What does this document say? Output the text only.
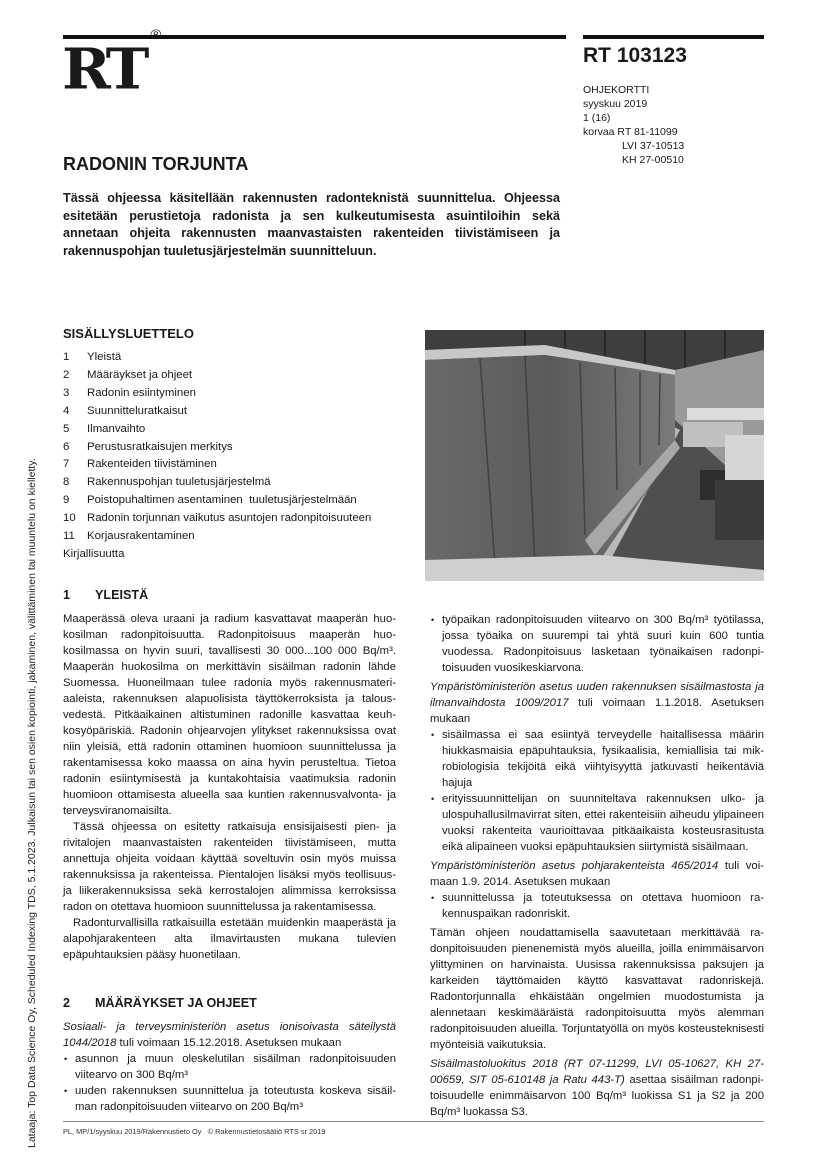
RT®
RT 103123
OHJEKORTTI
syyskuu 2019
1 (16)
korvaa RT 81-11099
LVI 37-10513
KH 27-00510
RADONIN TORJUNTA
Tässä ohjeessa käsitellään rakennusten radonteknistä suunnittelua. Ohjeessa esitetään perustietoja radonista ja sen kulkeutumisesta asuintiloihin sekä annetaan ohjeita rakennusten maanvastaisten rakenteiden tiivistämiseen ja rakennuspohjan tuuletusjärjestelmän suunnitteluun.
SISÄLLYSLUETTELO
1	Yleistä
2	Määräykset ja ohjeet
3	Radonin esiintyminen
4	Suunnitteluratkaisut
5	Ilmanvaihto
6	Perustusratkaisujen merkitys
7	Rakenteiden tiivistäminen
8	Rakennuspohjan tuuletusjärjestelmä
9	Poistopuhaltimen asentaminen  tuuletusjärjestelmään
10 Radonin torjunnan vaikutus asuntojen radonpitoisuuteen
11	Korjausrakentaminen
Kirjallisuutta
1 YLEISTÄ

Maaperässä oleva uraani ja radium kasvattavat maaperän huokosilman radonpitoisuutta. Radonpitoisuus maaperän huokosilmassa on hyvin suuri, tavallisesti 30 000...100 000 Bq/m³. Maaperän huokosilma on merkittävin sisäilman radonin lähde Suomessa. Huoneilmaan tulee radonia myös rakennusmateriaaleista, rakennuksen alapuolisista täyttökerroksista ja talousvedestä. Pitkäaikainen altistuminen radonille kasvattaa keuhkosyöpäriskiä. Radonin ohjearvojen ylitykset rakennuksissa ovat niin yleisiä, että radonin ottaminen huomioon suunnittelussa ja rakentamisessa koko maassa on aina hyvin perusteltua. Tietoa radonin esiintymisestä ja kuntakohtaisia vaatimuksia radonin huomioon ottamisesta alueella saa kuntien rakennusvalvonta- ja terveysviranomaisilta.

Tässä ohjeessa on esitetty ratkaisuja ensisijaisesti pien- ja rivitalojen maanvastaisten rakenteiden tiivistämiseen, mutta annettuja ohjeita voidaan käyttää soveltuvin osin myös muissa rakennuksissa ja rakenteissa. Pientalojen lisäksi myös teollisuus- ja liikerakennuksissa sekä kerrostalojen alimmissa kerroksissa radon on otettava huomioon suunnittelussa ja rakentamisessa.

Radonturvallisilla ratkaisuilla estetään muidenkin maaperästä ja alapohjarakenteen alta ilmavirtausten mukana tulevien epäpuhtauksien pääsy huonetilaan.

2 MÄÄRÄYKSET JA OHJEET

Sosiaali- ja terveysministeriön asetus ionisoivasta säteilystä 1044/2018 tuli voimaan 15.12.2018. Asetuksen mukaan

• asunnon ja muun oleskelutilan sisäilman radonpitoisuuden viitearvo on 300 Bq/m³
• uuden rakennuksen suunnittelua ja toteutusta koskeva sisäilman radonpitoisuuden viitearvo on 200 Bq/m³
• työpaikan radonpitoisuuden viitearvo on 300 Bq/m³ työtilassa, jossa työaika on suurempi tai yhtä suuri kuin 600 tuntia vuodessa. Radonpitoisuus lasketaan työnaikaisen radonpitoisuuden vuosikeskiarvona.

Ympäristöministeriön asetus uuden rakennuksen sisäilmastosta ja ilmanvaihdosta 1009/2017 tuli voimaan 1.1.2018. Asetuksen mukaan

• sisäilmassa ei saa esiintyä terveydelle haitallisessa määrin hiukkasmaisia epäpuhtauksia, fysikaalisia, kemiallisia tai mikrobiologisia tekijöitä eikä viihtyisyyttä jatkuvasti heikentäviä hajuja
• erityissuunnittelijan on suunniteltava rakennuksen ulko- ja ulospuhallusilmavirrat siten, ettei rakenteisiin aiheudu ylipaineen vuoksi rakenteita vaurioittavaa pitkäaikaista kosteusrasitusta eikä alipaineen vuoksi epäpuhtauksien siirtymistä sisäilmaan.

Ympäristöministeriön asetus pohjarakenteista 465/2014 tuli voimaan 1.9. 2014. Asetuksen mukaan

• suunnittelussa ja toteutuksessa on otettava huomioon rakennuspaikan radonriskit.

Tämän ohjeen noudattamisella saavutetaan merkittävää radonpitoisuuden pienenemistä myös alueilla, joilla enimmäisarvon ylittyminen on harvinaista. Uusissa rakennuksissa paksujen ja karkeiden täyttömaiden käyttö kasvattavat radonriskejä. Radontorjunnalla ehkäistään ongelmien muodostumista ja alennetaan keskimääräistä radonpitoisuutta myös alemman radonpitoisuuden alueilla. Torjuntatyöllä on myös kosteusteknisesti myönteisiä vaikutuksia.

Sisäilmastoluokitus 2018 (RT 07-11299, LVI 05-10627, KH 27-00659, SIT 05-610148 ja Ratu 443-T) asettaa sisäilman radonpitoisuudelle enimmäisarvon 100 Bq/m³ luokissa S1 ja S2 ja 200 Bq/m³ luokassa S3.

PL, MP/1/syyskuu 2019/Rakennustieto Oy   © Rakennustietosäätiö RTS sr 2019
Lataaja: Top Data Science Oy, Scheduled Indexing TDS, 5.1.2023. Julkaisun tai sen osien kopiointi, jakaminen, välittäminen tai muuntelu on kielletty.
